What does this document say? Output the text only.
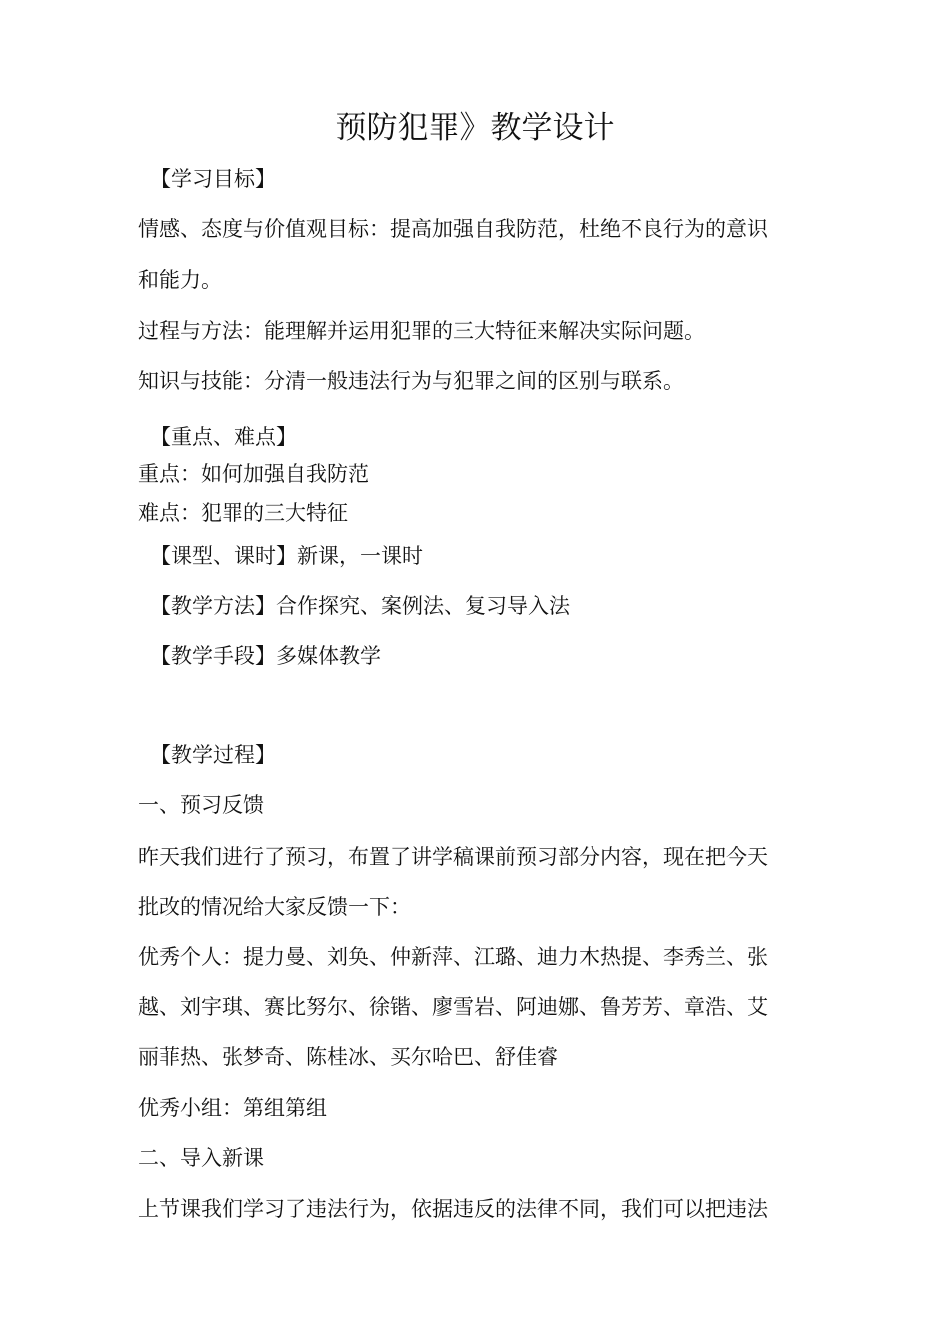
预防犯罪》教学设计
【学习目标】
情感、态度与价值观目标：提高加强自我防范，杜绝不良行为的意识
和能力。
过程与方法：能理解并运用犯罪的三大特征来解决实际问题。
知识与技能：分清一般违法行为与犯罪之间的区别与联系。
【重点、难点】
重点：如何加强自我防范
难点：犯罪的三大特征
【课型、课时】新课，一课时
【教学方法】合作探究、案例法、复习导入法
【教学手段】多媒体教学
【教学过程】
一、预习反馈
昨天我们进行了预习，布置了讲学稿课前预习部分内容，现在把今天
批改的情况给大家反馈一下：
优秀个人：提力曼、刘奂、仲新萍、江璐、迪力木热提、李秀兰、张
越、刘宇琪、赛比努尔、徐锴、廖雪岩、阿迪娜、鲁芳芳、章浩、艾
丽菲热、张梦奇、陈桂冰、买尔哈巴、舒佳睿
优秀小组：第组第组
二、导入新课
上节课我们学习了违法行为，依据违反的法律不同，我们可以把违法
